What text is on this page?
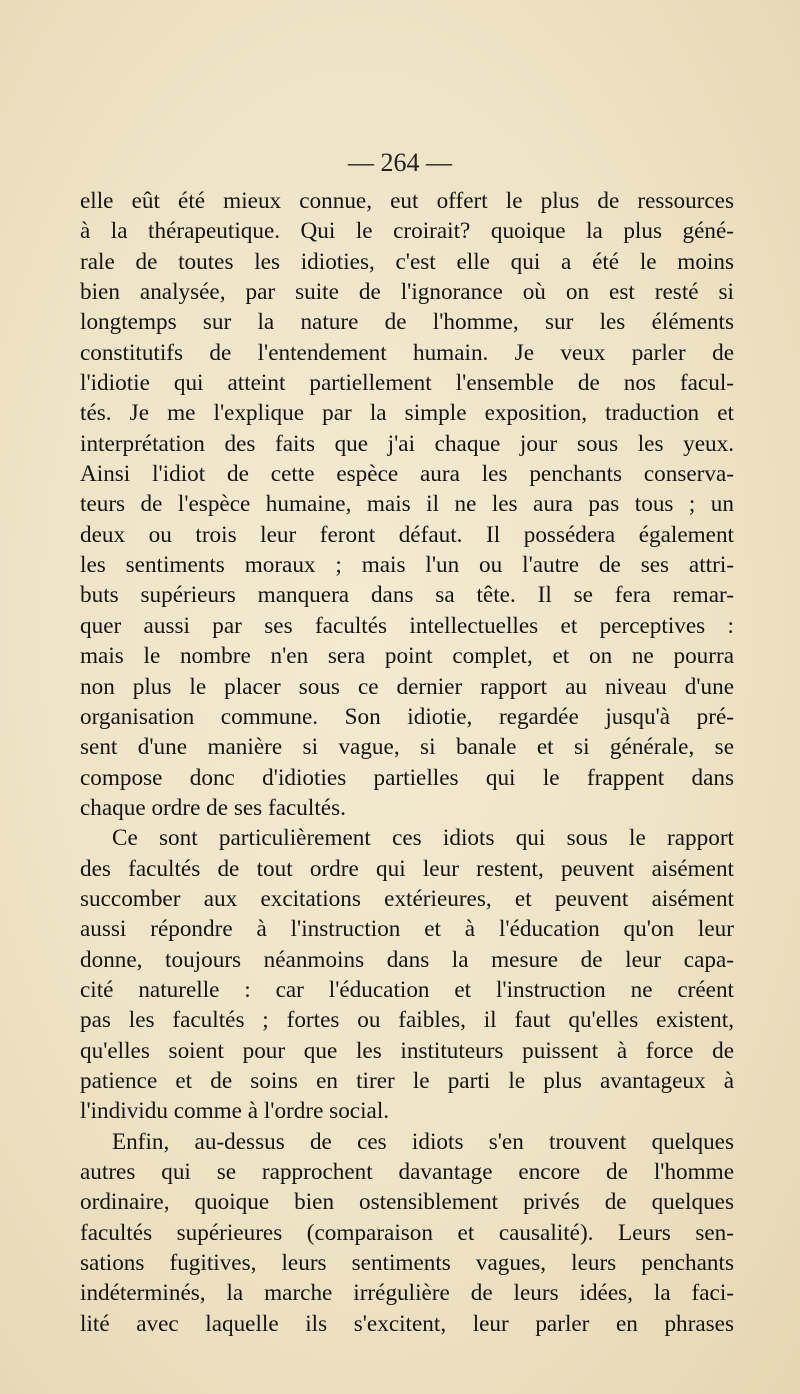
— 264 —
elle eût été mieux connue, eut offert le plus de ressources
à la thérapeutique. Qui le croirait? quoique la plus géné-
rale de toutes les idioties, c'est elle qui a été le moins
bien analysée, par suite de l'ignorance où on est resté si
longtemps sur la nature de l'homme, sur les éléments
constitutifs de l'entendement humain. Je veux parler de
l'idiotie qui atteint partiellement l'ensemble de nos facul-
tés. Je me l'explique par la simple exposition, traduction et
interprétation des faits que j'ai chaque jour sous les yeux.
Ainsi l'idiot de cette espèce aura les penchants conserva-
teurs de l'espèce humaine, mais il ne les aura pas tous ; un
deux ou trois leur feront défaut. Il possédera également
les sentiments moraux ; mais l'un ou l'autre de ses attri-
buts supérieurs manquera dans sa tête. Il se fera remar-
quer aussi par ses facultés intellectuelles et perceptives :
mais le nombre n'en sera point complet, et on ne pourra
non plus le placer sous ce dernier rapport au niveau d'une
organisation commune. Son idiotie, regardée jusqu'à pré-
sent d'une manière si vague, si banale et si générale, se
compose donc d'idioties partielles qui le frappent dans
chaque ordre de ses facultés.
Ce sont particulièrement ces idiots qui sous le rapport
des facultés de tout ordre qui leur restent, peuvent aisément
succomber aux excitations extérieures, et peuvent aisément
aussi répondre à l'instruction et à l'éducation qu'on leur
donne, toujours néanmoins dans la mesure de leur capa-
cité naturelle : car l'éducation et l'instruction ne créent
pas les facultés ; fortes ou faibles, il faut qu'elles existent,
qu'elles soient pour que les instituteurs puissent à force de
patience et de soins en tirer le parti le plus avantageux à
l'individu comme à l'ordre social.
Enfin, au-dessus de ces idiots s'en trouvent quelques
autres qui se rapprochent davantage encore de l'homme
ordinaire, quoique bien ostensiblement privés de quelques
facultés supérieures (comparaison et causalité). Leurs sen-
sations fugitives, leurs sentiments vagues, leurs penchants
indéterminés, la marche irrégulière de leurs idées, la faci-
lité avec laquelle ils s'excitent, leur parler en phrases
